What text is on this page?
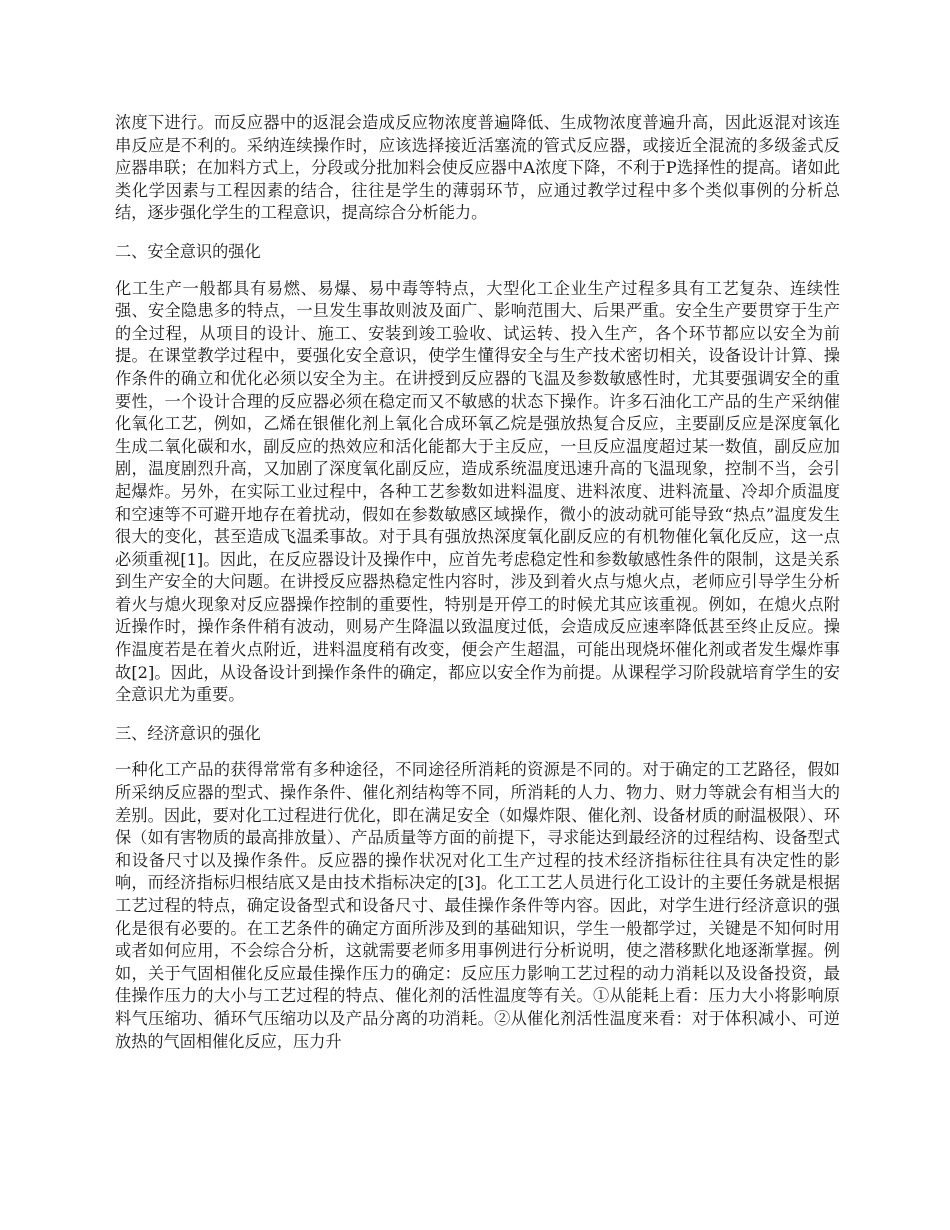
浓度下进行。而反应器中的返混会造成反应物浓度普遍降低、生成物浓度普遍升高，因此返混对该连串反应是不利的。采纳连续操作时，应该选择接近活塞流的管式反应器，或接近全混流的多级釜式反应器串联；在加料方式上，分段或分批加料会使反应器中A浓度下降，不利于P选择性的提高。诸如此类化学因素与工程因素的结合，往往是学生的薄弱环节，应通过教学过程中多个类似事例的分析总结，逐步强化学生的工程意识，提高综合分析能力。

二、安全意识的强化

化工生产一般都具有易燃、易爆、易中毒等特点，大型化工企业生产过程多具有工艺复杂、连续性强、安全隐患多的特点，一旦发生事故则波及面广、影响范围大、后果严重。安全生产要贯穿于生产的全过程，从项目的设计、施工、安装到竣工验收、试运转、投入生产，各个环节都应以安全为前提。在课堂教学过程中，要强化安全意识，使学生懂得安全与生产技术密切相关，设备设计计算、操作条件的确立和优化必须以安全为主。在讲授到反应器的飞温及参数敏感性时，尤其要强调安全的重要性，一个设计合理的反应器必须在稳定而又不敏感的状态下操作。许多石油化工产品的生产采纳催化氧化工艺，例如，乙烯在银催化剂上氧化合成环氧乙烷是强放热复合反应，主要副反应是深度氧化生成二氧化碳和水，副反应的热效应和活化能都大于主反应，一旦反应温度超过某一数值，副反应加剧，温度剧烈升高，又加剧了深度氧化副反应，造成系统温度迅速升高的飞温现象，控制不当，会引起爆炸。另外，在实际工业过程中，各种工艺参数如进料温度、进料浓度、进料流量、冷却介质温度和空速等不可避开地存在着扰动，假如在参数敏感区域操作，微小的波动就可能导致“热点”温度发生很大的变化，甚至造成飞温柔事故。对于具有强放热深度氧化副反应的有机物催化氧化反应，这一点必须重视[1]。因此，在反应器设计及操作中，应首先考虑稳定性和参数敏感性条件的限制，这是关系到生产安全的大问题。在讲授反应器热稳定性内容时，涉及到着火点与熄火点，老师应引导学生分析着火与熄火现象对反应器操作控制的重要性，特别是开停工的时候尤其应该重视。例如，在熄火点附近操作时，操作条件稍有波动，则易产生降温以致温度过低，会造成反应速率降低甚至终止反应。操作温度若是在着火点附近，进料温度稍有改变，便会产生超温，可能出现烧坏催化剂或者发生爆炸事故[2]。因此，从设备设计到操作条件的确定，都应以安全作为前提。从课程学习阶段就培育学生的安全意识尤为重要。

三、经济意识的强化

一种化工产品的获得常常有多种途径，不同途径所消耗的资源是不同的。对于确定的工艺路径，假如所采纳反应器的型式、操作条件、催化剂结构等不同，所消耗的人力、物力、财力等就会有相当大的差别。因此，要对化工过程进行优化，即在满足安全（如爆炸限、催化剂、设备材质的耐温极限）、环保（如有害物质的最高排放量）、产品质量等方面的前提下，寻求能达到最经济的过程结构、设备型式和设备尺寸以及操作条件。反应器的操作状况对化工生产过程的技术经济指标往往具有决定性的影响，而经济指标归根结底又是由技术指标决定的[3]。化工工艺人员进行化工设计的主要任务就是根据工艺过程的特点，确定设备型式和设备尺寸、最佳操作条件等内容。因此，对学生进行经济意识的强化是很有必要的。在工艺条件的确定方面所涉及到的基础知识，学生一般都学过，关键是不知何时用或者如何应用，不会综合分析，这就需要老师多用事例进行分析说明，使之潜移默化地逐渐掌握。例如，关于气固相催化反应最佳操作压力的确定：反应压力影响工艺过程的动力消耗以及设备投资，最佳操作压力的大小与工艺过程的特点、催化剂的活性温度等有关。①从能耗上看：压力大小将影响原料气压缩功、循环气压缩功以及产品分离的功消耗。②从催化剂活性温度来看：对于体积减小、可逆放热的气固相催化反应，压力升
